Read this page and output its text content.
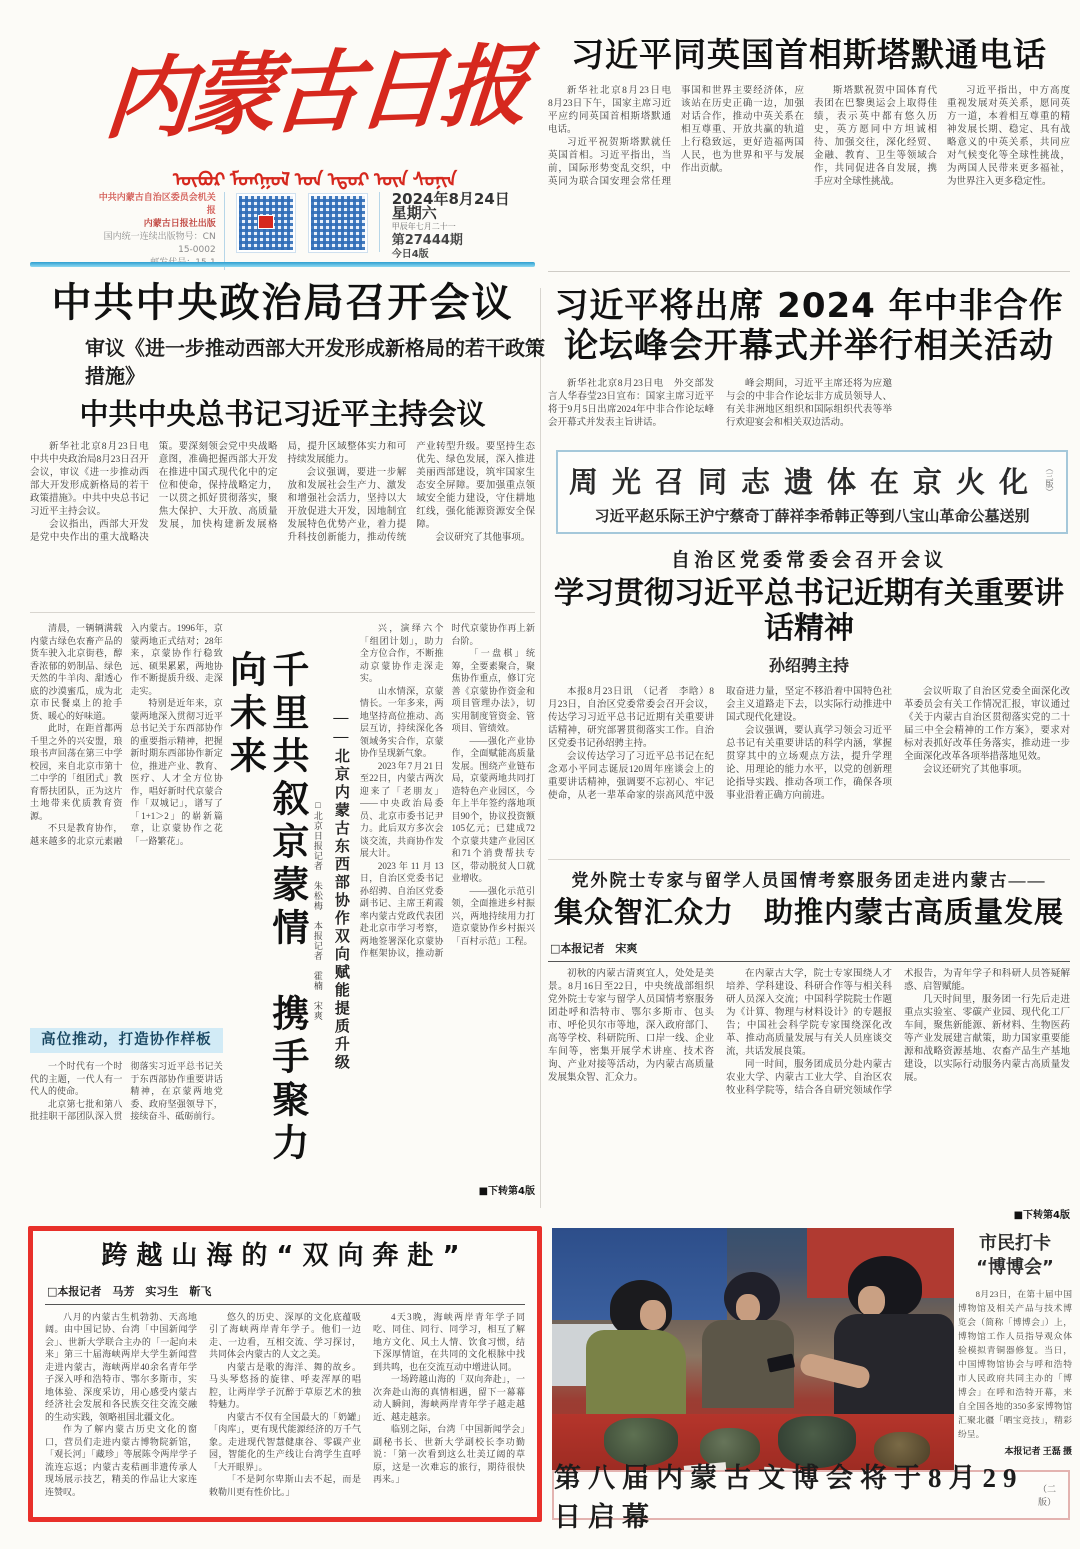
内蒙古日报
ᠥᠪᠥᠷ ᠮᠣᠩᠭᠣᠯ ᠤᠨ ᠡᠳᠦᠷ ᠦᠨ ᠰᠣᠨᠢᠨ
中共内蒙古自治区委员会机关报
内蒙古日报社出版
国内统一连续出版物号：CN 15-0002
2024年8月24日　星期六
甲辰年七月二十一
第27444期
今日4版
习近平同英国首相斯塔默通电话

新华社北京8月23日电　8月23日下午，国家主席习近平应约同英国首相斯塔默通电话。

习近平祝贺斯塔默就任英国首相。习近平指出，当前，国际形势变乱交织，中英同为联合国安理会常任理事国和世界主要经济体，应该站在历史正确一边，加强对话合作，推动中英关系在相互尊重、开放共赢的轨道上行稳致远，更好造福两国人民，也为世界和平与发展作出贡献。

斯塔默祝贺中国体育代表团在巴黎奥运会上取得佳绩，表示英中都有悠久历史，英方愿同中方坦诚相待、加强交往，深化经贸、金融、教育、卫生等领域合作，共同促进各自发展，携手应对全球性挑战。

习近平指出，中方高度重视发展对英关系，愿同英方一道，本着相互尊重的精神发展长期、稳定、具有战略意义的中英关系，共同应对气候变化等全球性挑战，为两国人民带来更多福祉，为世界注入更多稳定性。

中共中央政治局召开会议
审议《进一步推动西部大开发形成新格局的若干政策措施》
中共中央总书记习近平主持会议

新华社北京8月23日电　中共中央政治局8月23日召开会议，审议《进一步推动西部大开发形成新格局的若干政策措施》。中共中央总书记习近平主持会议。

会议指出，西部大开发是党中央作出的重大战略决策。要深刻领会党中央战略意图，准确把握西部大开发在推进中国式现代化中的定位和使命，保持战略定力，一以贯之抓好贯彻落实，聚焦大保护、大开放、高质量发展，加快构建新发展格局，提升区域整体实力和可持续发展能力。

会议强调，要进一步解放和发展社会生产力、激发和增强社会活力，坚持以大开放促进大开发，因地制宜发展特色优势产业，着力提升科技创新能力，推动传统产业转型升级。要坚持生态优先、绿色发展，深入推进美丽西部建设，筑牢国家生态安全屏障。要加强重点领域安全能力建设，守住耕地红线，强化能源资源安全保障。

会议研究了其他事项。

习近平将出席 2024 年中非合作论坛峰会开幕式并举行相关活动

新华社北京8月23日电　外交部发言人华春莹23日宣布：国家主席习近平将于9月5日出席2024年中非合作论坛峰会开幕式并发表主旨讲话。

峰会期间，习近平主席还将为应邀与会的中非合作论坛非方成员领导人、有关非洲地区组织和国际组织代表等举行欢迎宴会和相关双边活动。

周光召同志遗体在京火化 （三版）
习近平赵乐际王沪宁蔡奇丁薛祥李希韩正等到八宝山革命公墓送别
自治区党委常委会召开会议
学习贯彻习近平总书记近期有关重要讲话精神
孙绍骋主持

本报8月23日讯　（记者　李晗）8月23日，自治区党委常委会召开会议，传达学习习近平总书记近期有关重要讲话精神，研究部署贯彻落实工作。自治区党委书记孙绍骋主持。

会议传达学习了习近平总书记在纪念邓小平同志诞辰120周年座谈会上的重要讲话精神，强调要不忘初心、牢记使命，从老一辈革命家的崇高风范中汲取奋进力量，坚定不移沿着中国特色社会主义道路走下去，以实际行动推进中国式现代化建设。

会议强调，要认真学习领会习近平总书记有关重要讲话的科学内涵，掌握贯穿其中的立场观点方法，提升学理论、用理论的能力水平，以党的创新理论指导实践、推动各项工作，确保各项事业沿着正确方向前进。

会议听取了自治区党委全面深化改革委员会有关工作情况汇报，审议通过《关于内蒙古自治区贯彻落实党的二十届三中全会精神的工作方案》，要求对标对表抓好改革任务落实，推动进一步全面深化改革各项举措落地见效。

会议还研究了其他事项。

党外院士专家与留学人员国情考察服务团走进内蒙古——
集众智汇众力　助推内蒙古高质量发展
□本报记者　宋爽

初秋的内蒙古清爽宜人，处处是美景。8月16日至22日，中央统战部组织党外院士专家与留学人员国情考察服务团赴呼和浩特市、鄂尔多斯市、包头市、呼伦贝尔市等地，深入政府部门、高等学校、科研院所、口岸一线、企业车间等，密集开展学术讲座、技术咨询、产业对接等活动，为内蒙古高质量发展集众智、汇众力。

在内蒙古大学，院士专家围绕人才培养、学科建设、科研合作等与相关科研人员深入交流；中国科学院院士作题为《计算、物理与材料设计》的专题报告；中国社会科学院专家围绕深化改革、推动高质量发展与有关人员座谈交流，共话发展良策。

同一时间，服务团成员分赴内蒙古农业大学、内蒙古工业大学、自治区农牧业科学院等，结合各自研究领域作学术报告，为青年学子和科研人员答疑解惑、启智赋能。

几天时间里，服务团一行先后走进重点实验室、零碳产业园、现代化工厂车间，聚焦新能源、新材料、生物医药等产业发展建言献策，助力国家重要能源和战略资源基地、农畜产品生产基地建设，以实际行动服务内蒙古高质量发展。

■下转第4版

清晨，一辆辆满载内蒙古绿色农畜产品的货车驶入北京街巷，醇香浓郁的奶制品、绿色天然的牛羊肉、甜透心底的沙漠蜜瓜，成为北京市民餐桌上的抢手货、暖心的好味道。

此时，在距首都两千里之外的兴安盟，琅琅书声回荡在第三中学校园，来自北京市第十二中学的「组团式」教育帮扶团队，正为这片土地带来优质教育资源。

不只是教育协作，越来越多的北京元素融入内蒙古。1996年，京蒙两地正式结对；28年来，京蒙协作行稳致远、硕果累累，两地协作不断提质升级、走深走实。

特别是近年来，京蒙两地深入贯彻习近平总书记关于东西部协作的重要指示精神，把握新时期东西部协作新定位，推进产业、教育、医疗、人才全方位协作，唱好新时代京蒙合作「双城记」，谱写了「1+1＞2」的崭新篇章，让京蒙协作之花「一路繁花」。

高位推动，打造协作样板

一个时代有一个时代的主题，一代人有一代人的使命。

北京第七批和第八批挂职干部团队深入贯彻落实习近平总书记关于东西部协作重要讲话精神，在京蒙两地党委、政府坚强领导下，接续奋斗、砥砺前行。	千里共叙京蒙情　携手聚力向未来
□北京日报记者　朱松梅　本报记者　霍楠　宋爽 ——北京内蒙古东西部协作双向赋能提质升级

兴，演绎六个「组团计划」，助力全方位合作，不断推动京蒙协作走深走实。

山水情深，京蒙情长。一年多来，两地坚持高位推动、高层互访，持续深化各领域务实合作，京蒙协作呈现新气象。

2023年7月21日至22日，内蒙古两次迎来了「老朋友」——中央政治局委员、北京市委书记尹力。此后双方多次会谈交流，共商协作发展大计。

2023年11月13日，自治区党委书记孙绍骋、自治区党委副书记、主席王莉霞率内蒙古党政代表团赴北京市学习考察，两地签署深化京蒙协作框架协议，推动新时代京蒙协作再上新台阶。

「一盘棋」统筹，全要素聚合，聚焦协作重点，修订完善《京蒙协作资金和项目管理办法》，切实用制度管资金、管项目、管绩效。

——强化产业协作，全面赋能高质量发展。围绕产业链布局，京蒙两地共同打造特色产业园区，今年上半年签约落地项目90个，协议投资额105亿元；已建成72个京蒙共建产业园区和71个消费帮扶专区，带动脱贫人口就业增收。

——强化示范引领，全面推进乡村振兴，两地持续用力打造京蒙协作乡村振兴「百村示范」工程。

■下转第4版
跨越山海的“双向奔赴”
□本报记者　马芳　实习生　靳飞

八月的内蒙古生机勃勃、天高地阔。由中国记协、台湾「中国新闻学会」、世新大学联合主办的「一起向未来」第三十届海峡两岸大学生新闻营走进内蒙古，海峡两岸40余名青年学子深入呼和浩特市、鄂尔多斯市，实地体验、深度采访，用心感受内蒙古经济社会发展和各民族交往交流交融的生动实践，领略祖国北疆文化。

作为了解内蒙古历史文化的窗口，营员们走进内蒙古博物院新馆，「观长河」「藏珍」等展陈令两岸学子流连忘返；内蒙古麦秸画非遗传承人现场展示技艺，精美的作品让大家连连赞叹。

悠久的历史、深厚的文化底蕴吸引了海峡两岸青年学子。他们一边走、一边看，互相交流、学习探讨，共同体会内蒙古的人文之美。

内蒙古是歌的海洋、舞的故乡。马头琴悠扬的旋律、呼麦浑厚的唱腔，让两岸学子沉醉于草原艺术的独特魅力。

内蒙古不仅有全国最大的「奶罐」「肉库」，更有现代能源经济的万千气象。走进现代智慧健康谷、零碳产业园，智能化的生产线让台湾学生直呼「大开眼界」。

「不是阿尔卑斯山去不起，而是敕勒川更有性价比。」

4天3晚，海峡两岸青年学子同吃、同住、同行、同学习，相互了解地方文化、风土人情、饮食习惯，结下深厚情谊，在共同的文化根脉中找到共鸣，也在交流互动中增进认同。

一场跨越山海的「双向奔赴」，一次奔赴山海的真情相遇，留下一幕幕动人瞬间，海峡两岸青年学子越走越近、越走越亲。

临别之际，台湾「中国新闻学会」副秘书长、世新大学副校长李功勤说：「第一次看到这么壮美辽阔的草原，这是一次难忘的旅行，期待很快再来。」

市民打卡
“博博会”

8月23日，在第十届中国博物馆及相关产品与技术博览会（简称「博博会」）上，博物馆工作人员指导观众体验模拟青铜器修复。当日，中国博物馆协会与呼和浩特市人民政府共同主办的「博博会」在呼和浩特开幕，来自全国各地的350多家博物馆汇聚北疆「晒宝竞技」，精彩纷呈。

本报记者 王磊 摄
第八届内蒙古文博会将于8月29日启幕
（二版）
